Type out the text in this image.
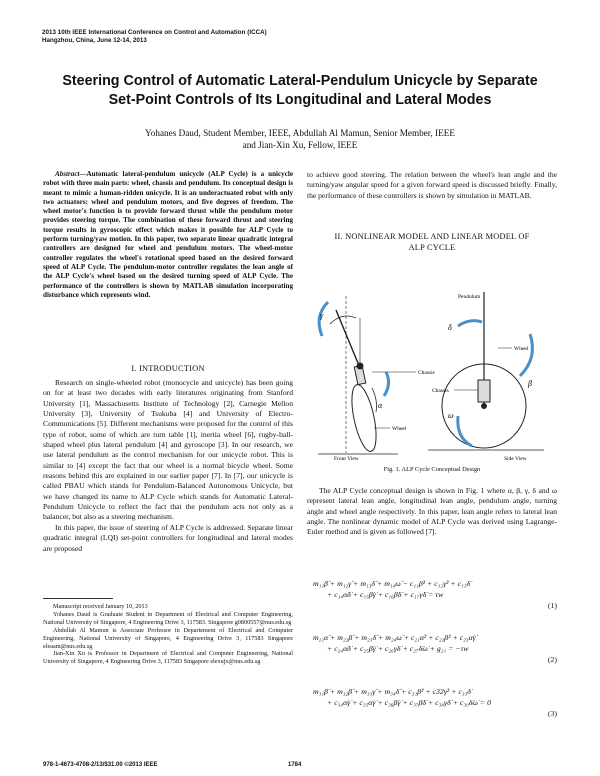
2013 10th IEEE International Conference on Control and Automation (ICCA)
Hangzhou, China, June 12-14, 2013
Steering Control of Automatic Lateral-Pendulum Unicycle by Separate
Set-Point Controls of Its Longitudinal and Lateral Modes
Yohanes Daud, Student Member, IEEE, Abdullah Al Mamun, Senior Member, IEEE
and Jian-Xin Xu, Fellow, IEEE
Abstract—Automatic lateral-pendulum unicycle (ALP Cycle) is a unicycle robot with three main parts: wheel, chassis and pendulum. Its conceptual design is meant to mimic a human-ridden unicycle. It is an underactuated robot with only two actuators: wheel and pendulum motors, and five degrees of freedom. The wheel motor's function is to provide forward thrust while the pendulum motor provides steering torque. The combination of these forward thrust and steering torque results in gyroscopic effect which makes it possible for ALP Cycle to perform turning/yaw motion. In this paper, two separate linear quadratic integral controllers are designed for wheel and pendulum motors. The wheel-motor controller regulates the wheel's rotational speed based on the desired forward speed of ALP Cycle. The pendulum-motor controller regulates the lean angle of the ALP Cycle's wheel based on the desired turning speed of ALP Cycle. The performance of the controllers is shown by MATLAB simulation incorporating disturbance which represents wind.
I. INTRODUCTION

Research on single-wheeled robot (monocycle and unicycle) has been going on for at least two decades with early literatures originating from Stanford University [1], Massachusetts Institute of Technology [2], Carnegie Mellon University [3], University of Tsukuba [4] and University of Electro-Communications [5]. Different mechanisms were proposed for the control of this type of robot, some of which are turn table [1], inertia wheel [6], rugby-ball-shaped wheel plus lateral pendulum [4] and gyroscope [3]. In our research, we use lateral pendulum as the control mechanism for our unicycle robot. This is similar to [4] except the fact that our wheel is a normal bicycle wheel. Some reasons behind this are explained in our earlier paper [7]. In [7], our unicycle is called PBAU which stands for Pendulum-Balanced Autonomous Unicycle, but we have changed its name to ALP Cycle which stands for Automatic Lateral-Pendulum Unicycle to reflect the fact that the pendulum acts not only as a balancer, but also as a steering mechanism.

In this paper, the issue of steering of ALP Cycle is addressed. Separate linear quadratic integral (LQI) set-point controllers for longitudinal and lateral modes are proposed

Manuscript received January 10, 2013

Yohanes Daud is Graduate Student in Department of Electrical and Computer Engineering, National University of Singapore, 4 Engineering Drive 3, 117583. Singapore g0800557@nus.edu.sg

Abdullah Al Mamun is Associate Professor in Departement of Electrical and Computer Engineering, National University of Singapore, 4 Engineering Drive 3, 117583 Singapore eleaam@nus.edu.sg

Jian-Xin Xu is Professor in Department of Electrical and Computer Engineering, National University of Singapore, 4 Engineering Drive 3, 117583 Singapore elexujx@nus.edu.sg

978-1-4673-4708-2/13/$31.00 ©2013 IEEE	1784

to achieve good steering. The relation between the wheel's lean angle and the turning/yaw angular speed for a given forward speed is discussed briefly. Finally, the performance of these controllers is shown by simulation in MATLAB.

II. NONLINEAR MODEL AND LINEAR MODEL OF
ALP CYCLE
γ
α
Chassis
Wheel
Front View
Pendulum
Wheel
Chassis
ω
β
δ
Side View
Fig. 1. ALP Cycle Conceptual Design

The ALP Cycle conceptual design is shown in Fig. 1 where α, β, γ, δ and ω represent lateral lean angle, longitudinal lean angle, pendulum angle, turning angle and wheel angle respectively. In this paper, lean angle refers to lateral lean angle. The nonlinear dynamic model of ALP Cycle was derived using Lagrange-Euler method and is given as followed [7].

m₁₁β̈ + m₁₂γ̈ + m₁₃δ̈ + m₁₄ω̈ − c₁₁β̇² + c₁₂γ̇² + c₁₃δ̇
+ c₁₄α̇δ̇ + c₁₅β̇γ̇ + c₁₆β̇δ̇ + c₁₇γ̇δ̇ = τw
(1)
m₂₁α̈ + m₂₂β̈ + m₂₃δ̈ + m₂₄ω̈ + c₂₁α̇² + c₂₂β̇² + c₂₃α̇γ̇
+ c₂₄α̇δ̇ + c₂₅β̇γ̇ + c₂₆γ̇δ̇ + c₂₇δ̇ω̇ + g₂₁ = −τw
(2)
m₃₁β̈ + m₃₂β̈ + m₃₃γ̈ + m₃₄δ̈ + c₃₁β̇² + c32γ̇² + c₃₃δ̇
+ c₃₄α̇γ̇ + c₃₅α̇γ̇ + c₃₆β̇γ̇ + c₃₇β̇δ̇ + c₃₈γ̇δ̇ + c₃₉δ̇ω̇ = 0
(3)
